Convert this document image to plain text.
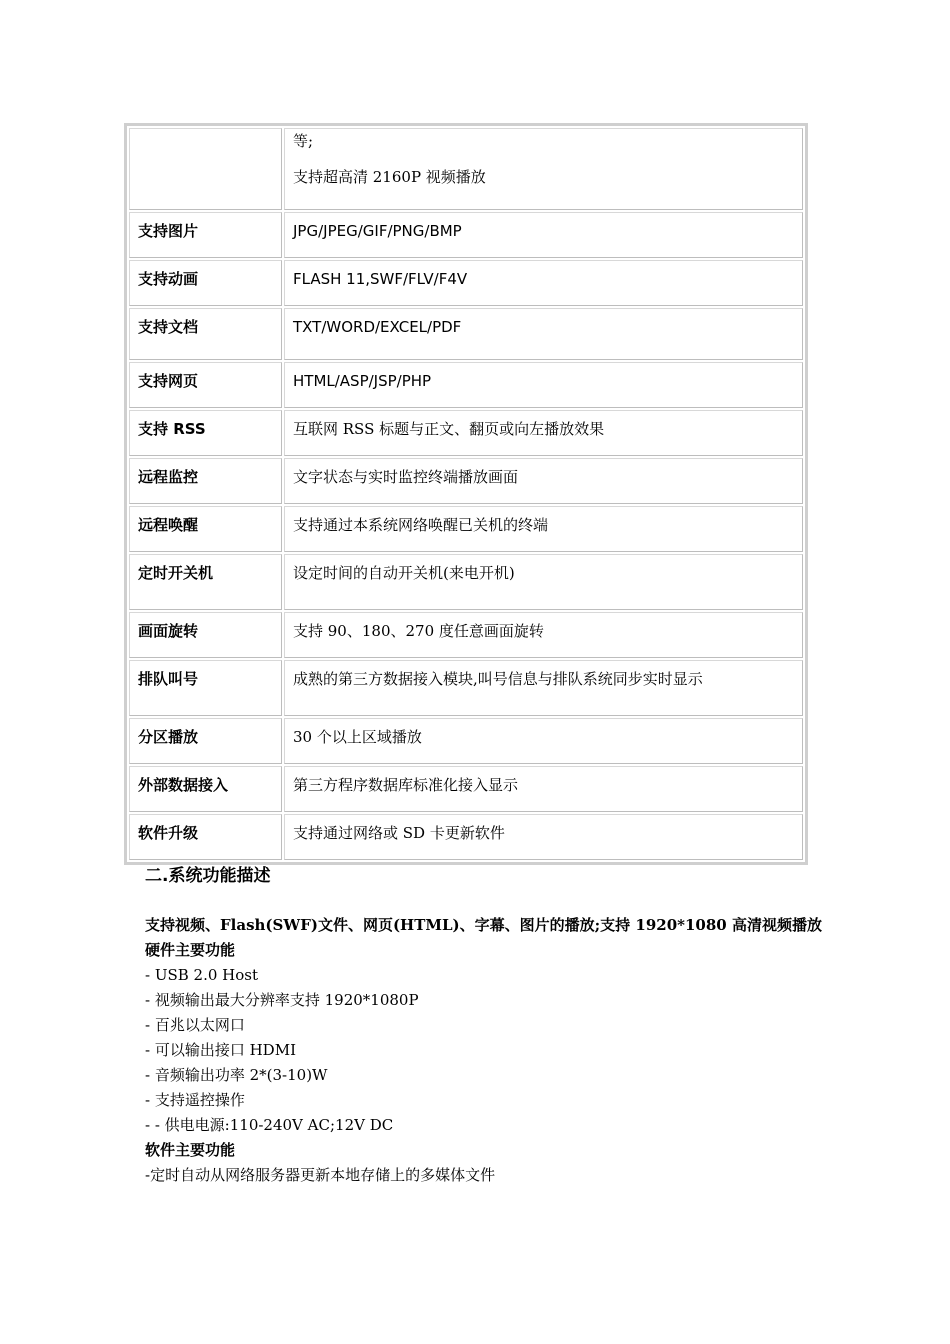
	等;

支持超高清 2160P 视频播放

支持图片	JPG/JPEG/GIF/PNG/BMP
支持动画	FLASH 11,SWF/FLV/F4V
支持文档	TXT/WORD/EXCEL/PDF
支持网页	HTML/ASP/JSP/PHP
支持 RSS	互联网 RSS 标题与正文、翻页或向左播放效果
远程监控	文字状态与实时监控终端播放画面
远程唤醒	支持通过本系统网络唤醒已关机的终端
定时开关机	设定时间的自动开关机(来电开机)
画面旋转	支持 90、180、270 度任意画面旋转
排队叫号	成熟的第三方数据接入模块,叫号信息与排队系统同步实时显示
分区播放	30 个以上区域播放
外部数据接入	第三方程序数据库标准化接入显示
软件升级	支持通过网络或 SD 卡更新软件
二.系统功能描述
支持视频、Flash(SWF)文件、网页(HTML)、字幕、图片的播放;支持 1920*1080 高清视频播放
硬件主要功能
- USB 2.0 Host
- 视频输出最大分辨率支持 1920*1080P
- 百兆以太网口
- 可以输出接口 HDMI
- 音频输出功率 2*(3-10)W
- 支持遥控操作
- - 供电电源:110-240V AC;12V DC
软件主要功能
-定时自动从网络服务器更新本地存储上的多媒体文件
